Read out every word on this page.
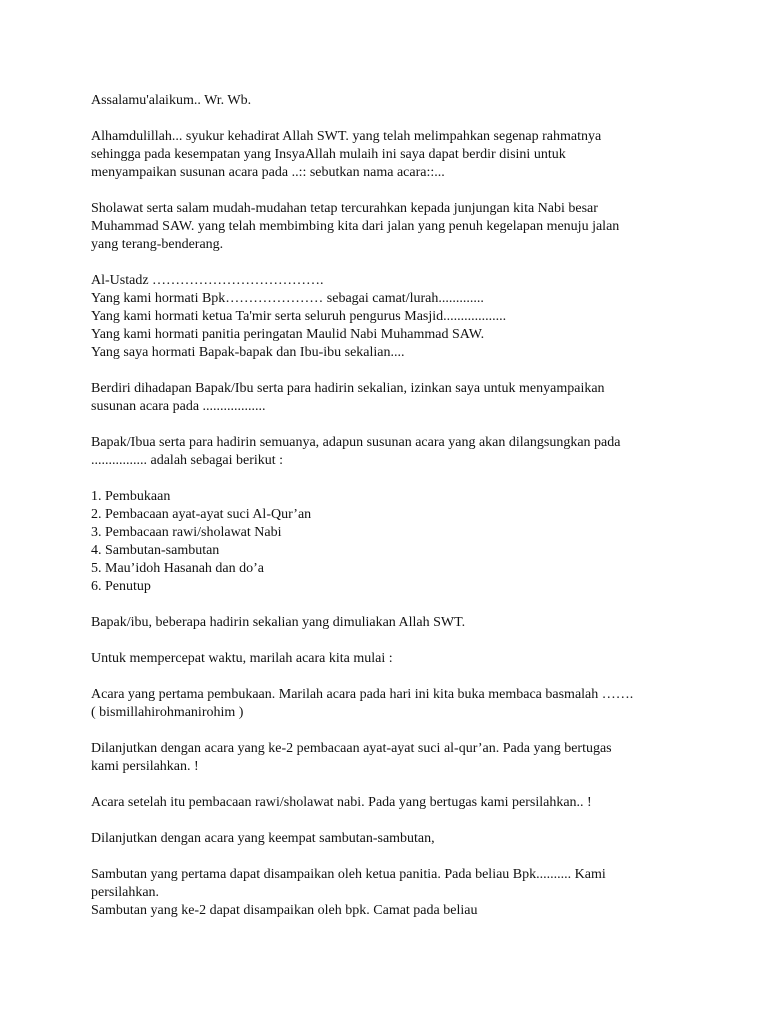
Assalamu'alaikum.. Wr. Wb.

Alhamdulillah... syukur kehadirat Allah SWT. yang telah melimpahkan segenap rahmatnya
sehingga pada kesempatan yang InsyaAllah mulaih ini saya dapat berdir disini untuk
menyampaikan susunan acara pada ..:: sebutkan nama acara::...

Sholawat serta salam mudah-mudahan tetap tercurahkan kepada junjungan kita Nabi besar
Muhammad SAW. yang telah membimbing kita dari jalan yang penuh kegelapan menuju jalan
yang terang-benderang.

Al-Ustadz ……………………………….
Yang kami hormati Bpk………………… sebagai camat/lurah.............
Yang kami hormati ketua Ta'mir serta seluruh pengurus Masjid..................
Yang kami hormati panitia peringatan Maulid Nabi Muhammad SAW.
Yang saya hormati Bapak-bapak dan Ibu-ibu sekalian....

Berdiri dihadapan Bapak/Ibu serta para hadirin sekalian, izinkan saya untuk menyampaikan
susunan acara pada ..................

Bapak/Ibua serta para hadirin semuanya, adapun susunan acara yang akan dilangsungkan pada
................ adalah sebagai berikut :

1. Pembukaan
2. Pembacaan ayat-ayat suci Al-Qur’an
3. Pembacaan rawi/sholawat Nabi
4. Sambutan-sambutan
5. Mau’idoh Hasanah dan do’a
6. Penutup

Bapak/ibu, beberapa hadirin sekalian yang dimuliakan Allah SWT.

Untuk mempercepat waktu, marilah acara kita mulai :

Acara yang pertama pembukaan. Marilah acara pada hari ini kita buka membaca basmalah …….
( bismillahirohmanirohim )

Dilanjutkan dengan acara yang ke-2 pembacaan ayat-ayat suci al-qur’an. Pada yang bertugas
kami persilahkan. !

Acara setelah itu pembacaan rawi/sholawat nabi. Pada yang bertugas kami persilahkan.. !

Dilanjutkan dengan acara yang keempat sambutan-sambutan,

Sambutan yang pertama dapat disampaikan oleh ketua panitia. Pada beliau Bpk.......... Kami
persilahkan.
Sambutan yang ke-2 dapat disampaikan oleh bpk. Camat pada beliau
